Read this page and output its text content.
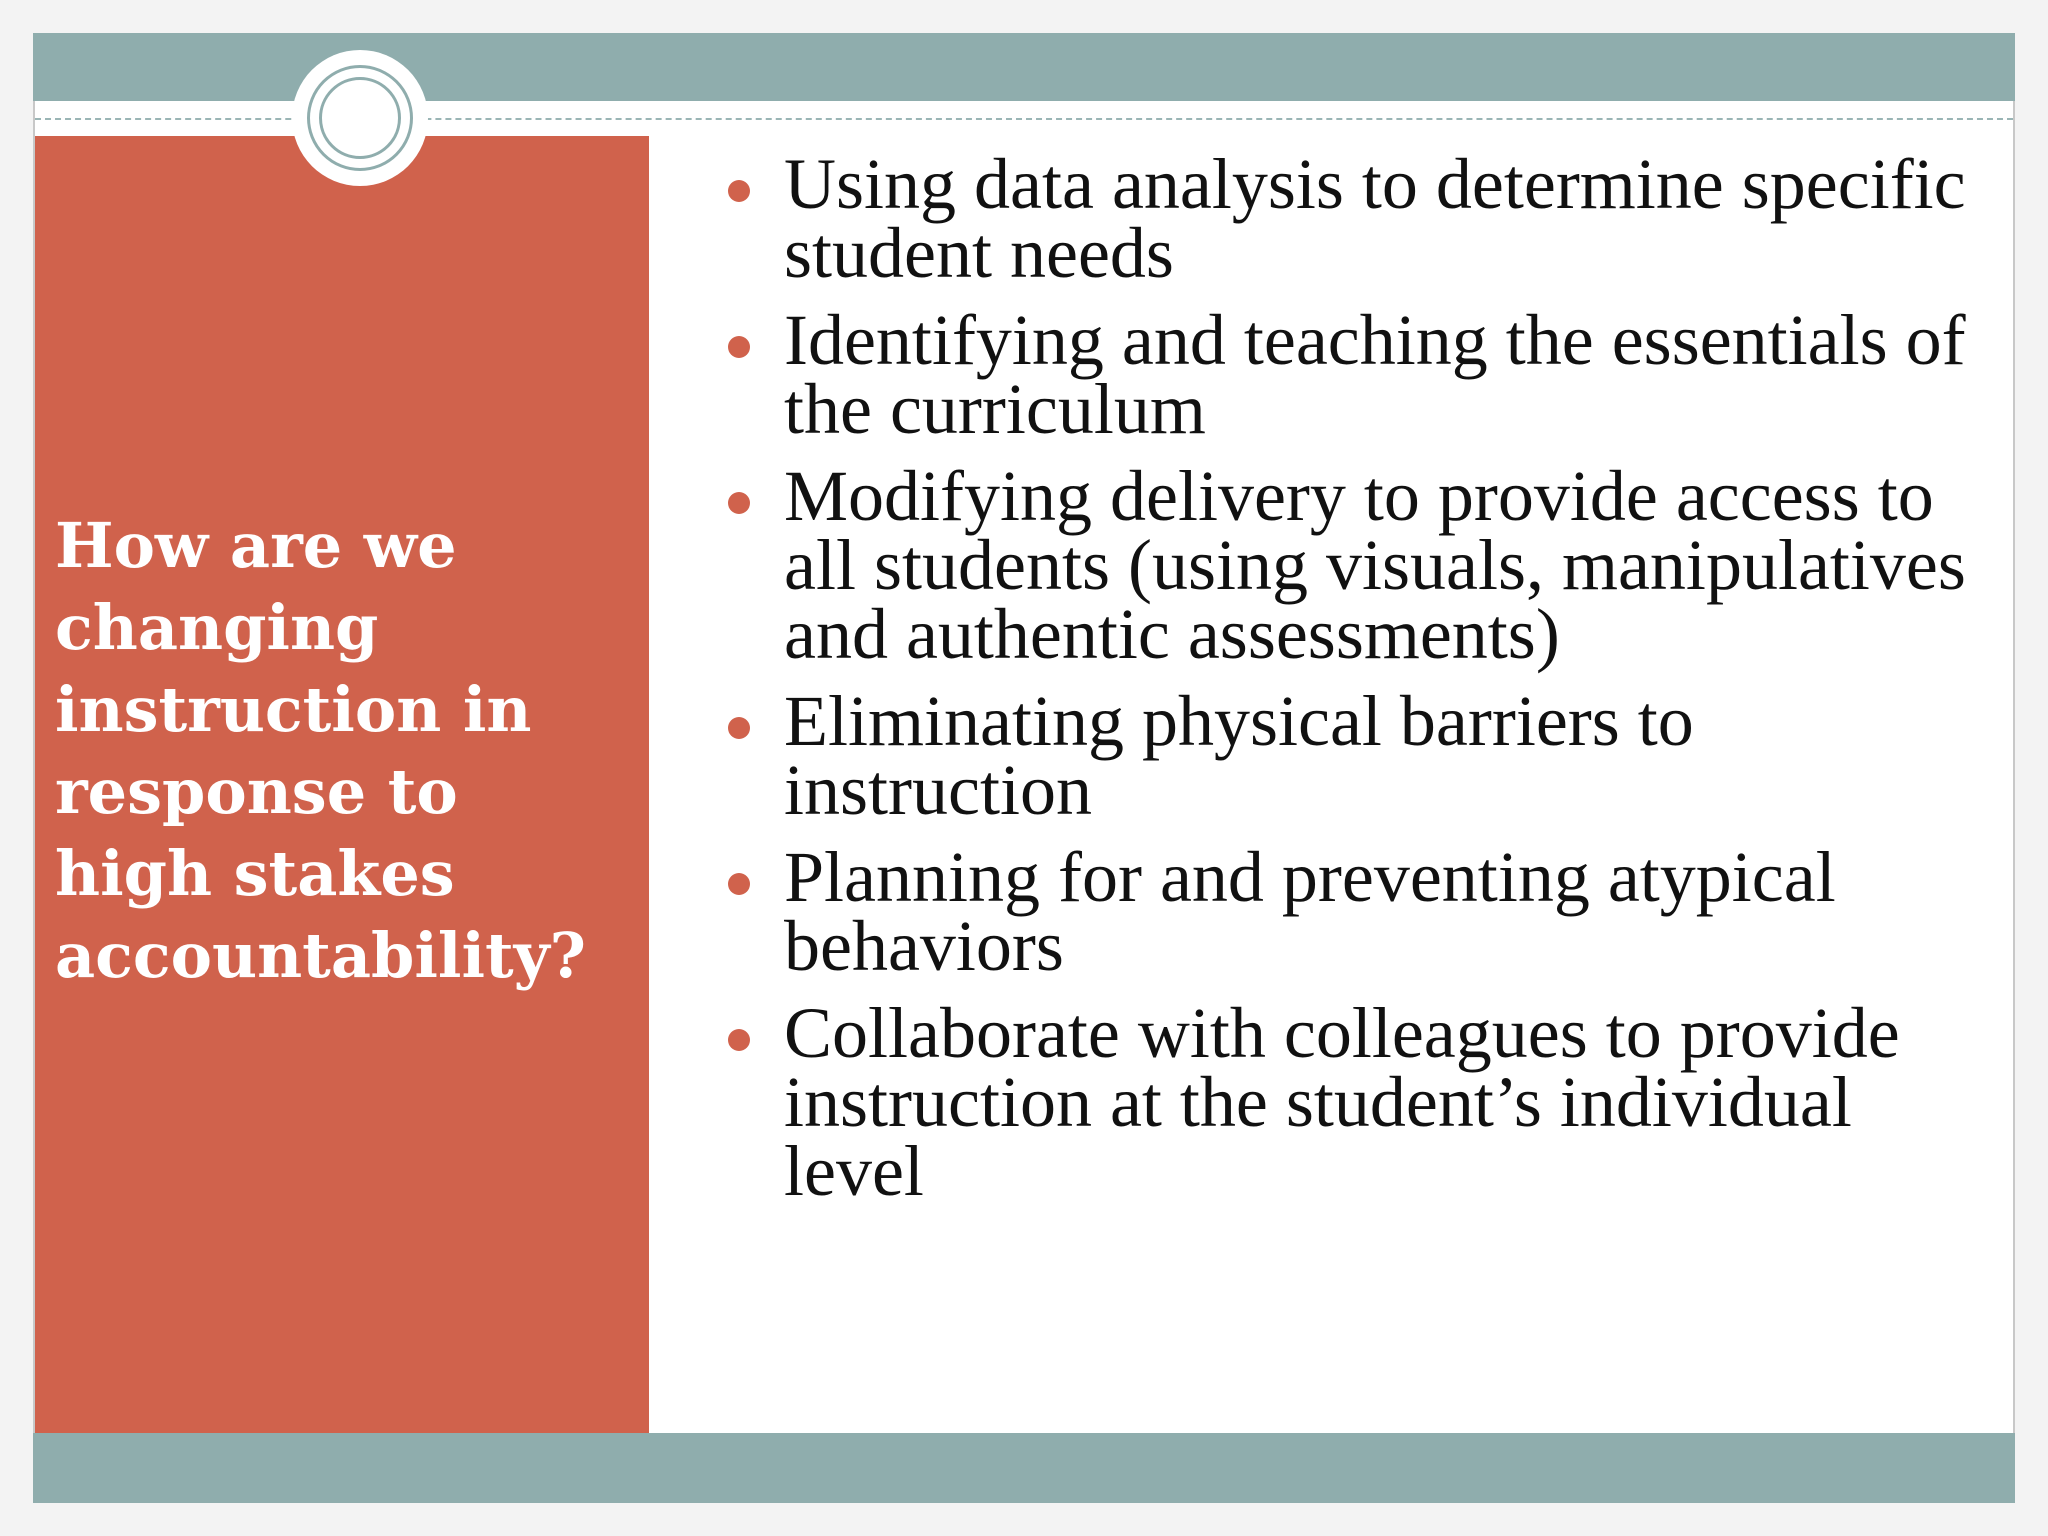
How are we changing instruction in response to high stakes accountability?
Using data analysis to determine specific student needs
Identifying and teaching the essentials of the curriculum
Modifying delivery to provide access to all students (using visuals, manipulatives and authentic assessments)
Eliminating physical barriers to instruction
Planning for and preventing atypical behaviors
Collaborate with colleagues to provide instruction at the student’s individual level
